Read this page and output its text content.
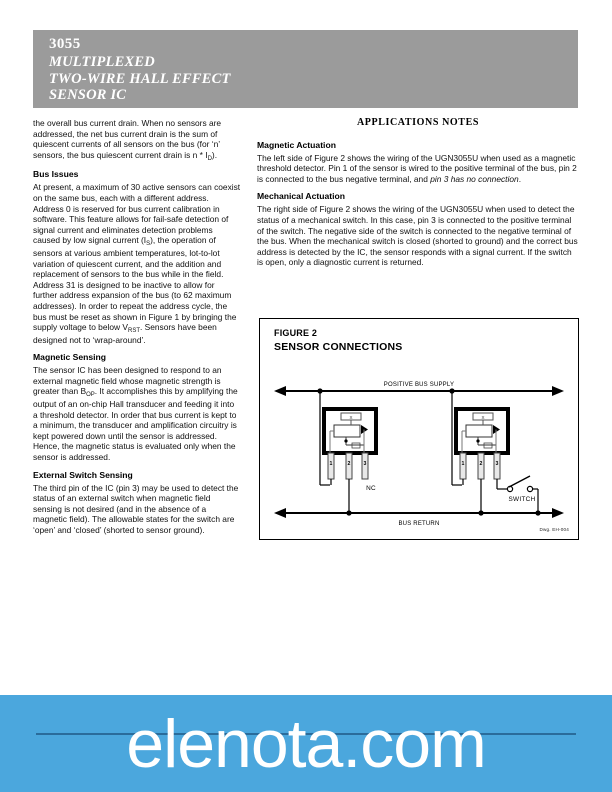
3055
MULTIPLEXED
TWO-WIRE HALL EFFECT
SENSOR IC

the overall bus current drain. When no sensors are addressed, the net bus current drain is the sum of quiescent currents of all sensors on the bus (for ‘n’ sensors, the bus quiescent current drain is n * $I_D$).

Bus Issues

At present, a maximum of 30 active sensors can coexist on the same bus, each with a different address. Address 0 is reserved for bus current calibration in software. This feature allows for fail-safe detection of signal current and eliminates detection problems caused by low signal current $(I_S)$, the operation of sensors at various ambient temperatures, lot-to-lot variation of quiescent current, and the addition and replacement of sensors to the bus while in the field. Address 31 is designed to be inactive to allow for further address expansion of the bus (to 62 maximum addresses). In order to repeat the address cycle, the bus must be reset as shown in Figure 1 by bringing the supply voltage to below $V_{RST}$. Sensors have been designed not to ‘wrap-around’.

Magnetic Sensing

The sensor IC has been designed to respond to an external magnetic field whose magnetic strength is greater than $B_{OP}$. It accomplishes this by amplifying the output of an on-chip Hall transducer and feeding it into a threshold detector. In order that bus current is kept to a minimum, the transducer and amplification circuitry is kept powered down until the sensor is addressed. Hence, the magnetic status is evaluated only when the sensor is addressed.

External Switch Sensing

The third pin of the IC (pin 3) may be used to detect the status of an external switch when magnetic field sensing is not desired (and in the absence of a magnetic field). The allowable states for the switch are ‘open’ and ‘closed’ (shorted to sensor ground).

APPLICATIONS NOTES
Magnetic Actuation

The left side of Figure 2 shows the wiring of the UGN3055U when used as a magnetic threshold detector. Pin 1 of the sensor is wired to the positive terminal of the bus, pin 2 is connected to the bus negative terminal, and pin 3 has no connection.

Mechanical Actuation

The right side of Figure 2 shows the wiring of the UGN3055U when used to detect the status of a mechanical switch. In this case, pin 3 is connected to the positive terminal of the switch. The negative side of the switch is connected to the negative terminal of the bus. When the mechanical switch is closed (shorted to ground) and the correct bus address is detected by the IC, the sensor responds with a signal current. If the switch is open, only a diagnostic current is returned.

FIGURE 2
SENSOR CONNECTIONS
Dwg. EH-004
POSITIVE BUS SUPPLY
X
1	2	3
NC
X
1	2	3
SWITCH
BUS RETURN
elenota.com
